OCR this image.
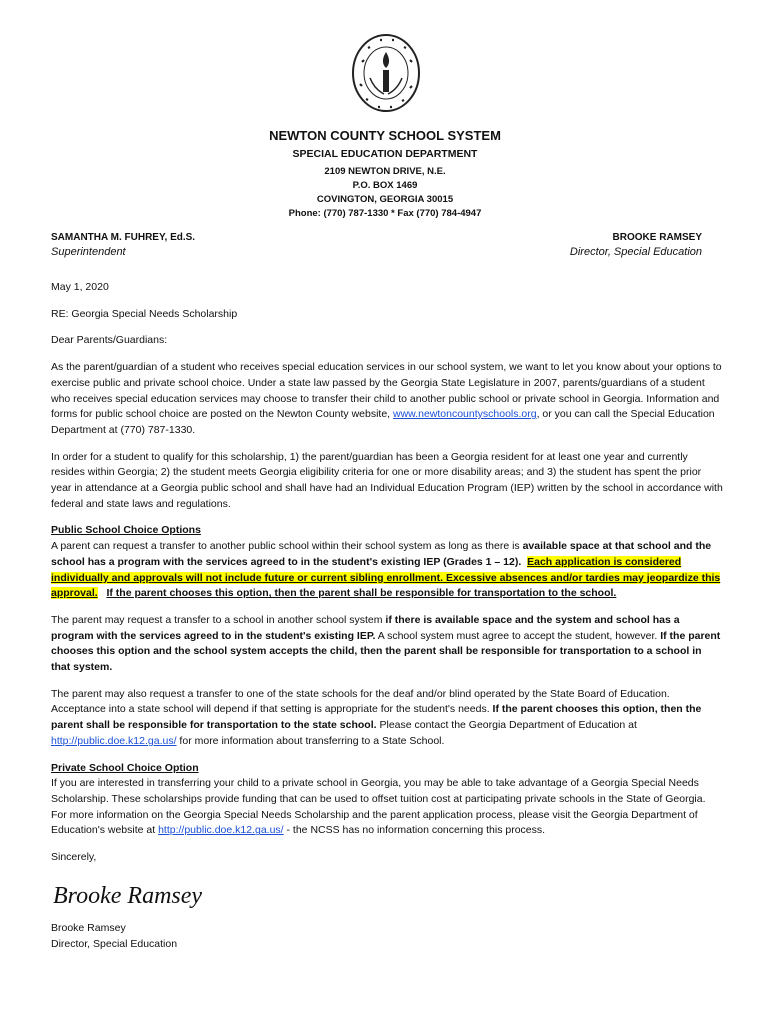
NEWTON COUNTY SCHOOL SYSTEM
SPECIAL EDUCATION DEPARTMENT
2109 NEWTON DRIVE, N.E.
P.O. BOX 1469
COVINGTON, GEORGIA 30015
Phone: (770) 787-1330 * Fax (770) 784-4947
SAMANTHA M. FUHREY, Ed.S.
Superintendent
BROOKE RAMSEY
Director, Special Education

May 1, 2020

RE: Georgia Special Needs Scholarship

Dear Parents/Guardians:

As the parent/guardian of a student who receives special education services in our school system, we want to let you know about your options to exercise public and private school choice. Under a state law passed by the Georgia State Legislature in 2007, parents/guardians of a student who receives special education services may choose to transfer their child to another public school or private school in Georgia. Information and forms for public school choice are posted on the Newton County website, www.newtoncountyschools.org, or you can call the Special Education Department at (770) 787-1330.

In order for a student to qualify for this scholarship, 1) the parent/guardian has been a Georgia resident for at least one year and currently resides within Georgia; 2) the student meets Georgia eligibility criteria for one or more disability areas; and 3) the student has spent the prior year in attendance at a Georgia public school and shall have had an Individual Education Program (IEP) written by the school in accordance with federal and state laws and regulations.

Public School Choice Options

A parent can request a transfer to another public school within their school system as long as there is available space at that school and the school has a program with the services agreed to in the student's existing IEP (Grades 1 – 12). Each application is considered individually and approvals will not include future or current sibling enrollment. Excessive absences and/or tardies may jeopardize this approval. If the parent chooses this option, then the parent shall be responsible for transportation to the school.

The parent may request a transfer to a school in another school system if there is available space and the system and school has a program with the services agreed to in the student's existing IEP. A school system must agree to accept the student, however. If the parent chooses this option and the school system accepts the child, then the parent shall be responsible for transportation to a school in that system.

The parent may also request a transfer to one of the state schools for the deaf and/or blind operated by the State Board of Education. Acceptance into a state school will depend if that setting is appropriate for the student's needs. If the parent chooses this option, then the parent shall be responsible for transportation to the state school. Please contact the Georgia Department of Education at http://public.doe.k12.ga.us/ for more information about transferring to a State School.

Private School Choice Option

If you are interested in transferring your child to a private school in Georgia, you may be able to take advantage of a Georgia Special Needs Scholarship. These scholarships provide funding that can be used to offset tuition cost at participating private schools in the State of Georgia. For more information on the Georgia Special Needs Scholarship and the parent application process, please visit the Georgia Department of Education's website at http://public.doe.k12.ga.us/ - the NCSS has no information concerning this process.

Sincerely,

Brooke Ramsey
Brooke Ramsey
Director, Special Education
